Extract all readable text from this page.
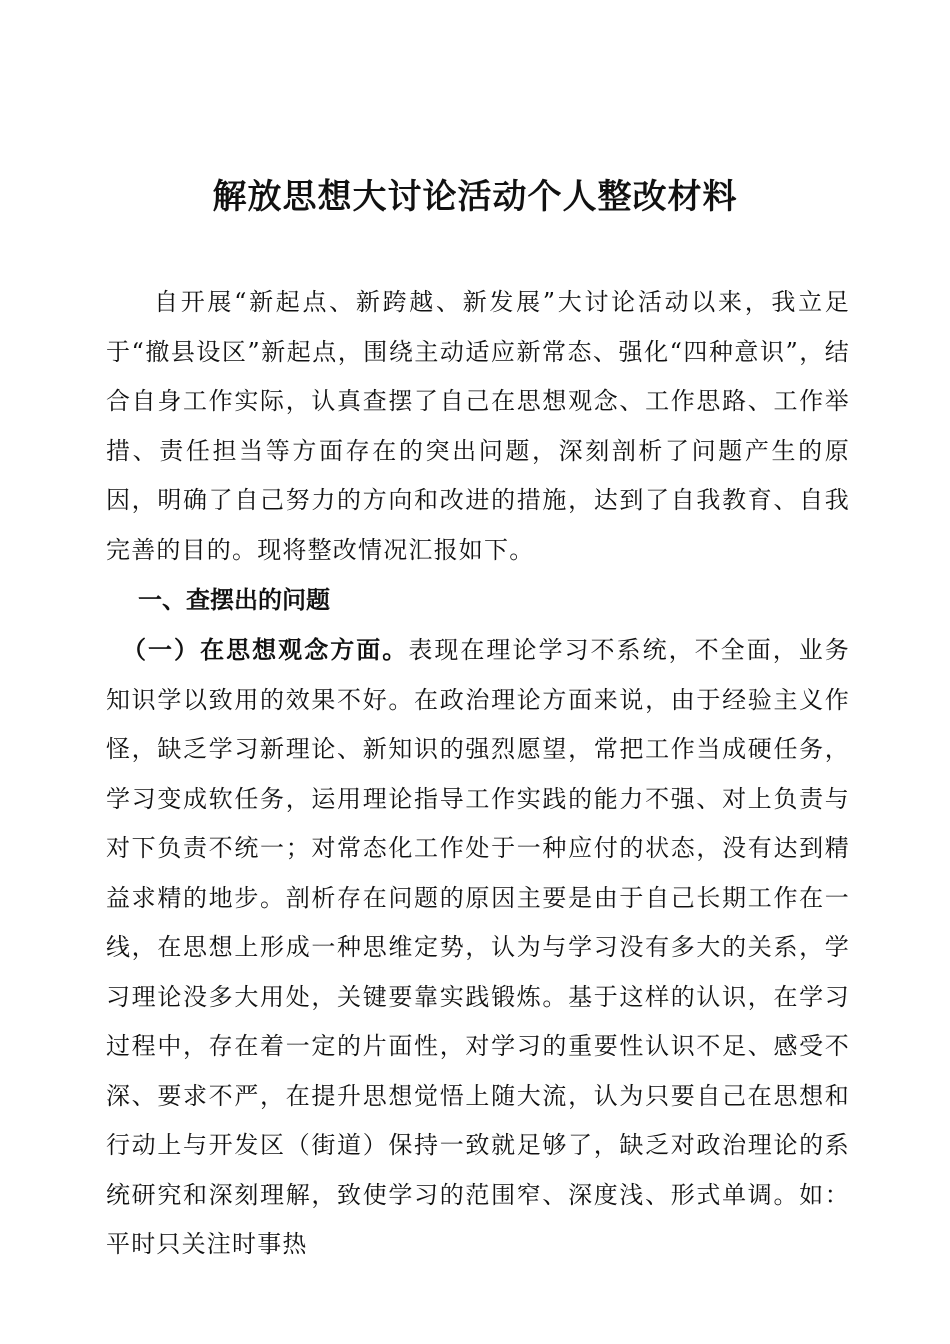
解放思想大讨论活动个人整改材料

自开展“新起点、新跨越、新发展”大讨论活动以来，我立足于“撤县设区”新起点，围绕主动适应新常态、强化“四种意识”，结合自身工作实际，认真查摆了自己在思想观念、工作思路、工作举措、责任担当等方面存在的突出问题，深刻剖析了问题产生的原因，明确了自己努力的方向和改进的措施，达到了自我教育、自我完善的目的。现将整改情况汇报如下。

一、查摆出的问题

（一）在思想观念方面。表现在理论学习不系统，不全面，业务知识学以致用的效果不好。在政治理论方面来说，由于经验主义作怪，缺乏学习新理论、新知识的强烈愿望，常把工作当成硬任务，学习变成软任务，运用理论指导工作实践的能力不强、对上负责与对下负责不统一；对常态化工作处于一种应付的状态，没有达到精益求精的地步。剖析存在问题的原因主要是由于自己长期工作在一线，在思想上形成一种思维定势，认为与学习没有多大的关系，学习理论没多大用处，关键要靠实践锻炼。基于这样的认识，在学习过程中，存在着一定的片面性，对学习的重要性认识不足、感受不深、要求不严，在提升思想觉悟上随大流，认为只要自己在思想和行动上与开发区（街道）保持一致就足够了，缺乏对政治理论的系统研究和深刻理解，致使学习的范围窄、深度浅、形式单调。如：平时只关注时事热
